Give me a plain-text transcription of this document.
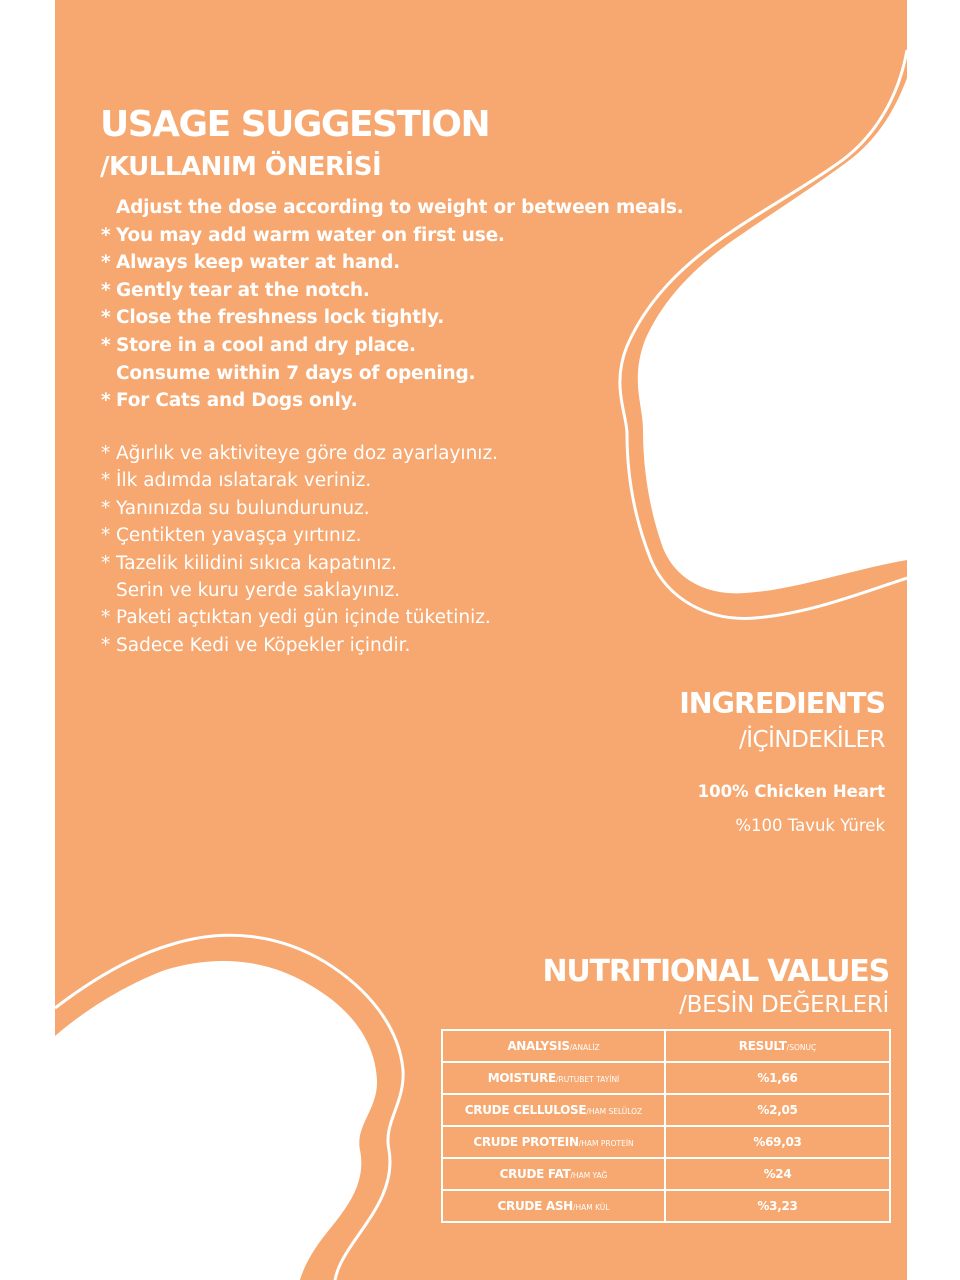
USAGE SUGGESTION
/KULLANIM ÖNERİSİ
Adjust the dose according to weight or between meals.
* You may add warm water on first use.
* Always keep water at hand.
* Gently tear at the notch.
* Close the freshness lock tightly.
* Store in a cool and dry place.
Consume within 7 days of opening.
* For Cats and Dogs only.
* Ağırlık ve aktiviteye göre doz ayarlayınız.
* İlk adımda ıslatarak veriniz.
* Yanınızda su bulundurunuz.
* Çentikten yavaşça yırtınız.
* Tazelik kilidini sıkıca kapatınız.
Serin ve kuru yerde saklayınız.
* Paketi açtıktan yedi gün içinde tüketiniz.
* Sadece Kedi ve Köpekler içindir.
INGREDIENTS
/İÇİNDEKİLER
100% Chicken Heart
%100 Tavuk Yürek
NUTRITIONAL VALUES
/BESİN DEĞERLERİ
ANALYSIS/ANALİZ	RESULT/SONUÇ
MOISTURE/RUTUBET TAYİNİ	%1,66
CRUDE CELLULOSE/HAM SELÜLOZ	%2,05
CRUDE PROTEIN/HAM PROTEİN	%69,03
CRUDE FAT/HAM YAĞ	%24
CRUDE ASH/HAM KÜL	%3,23
